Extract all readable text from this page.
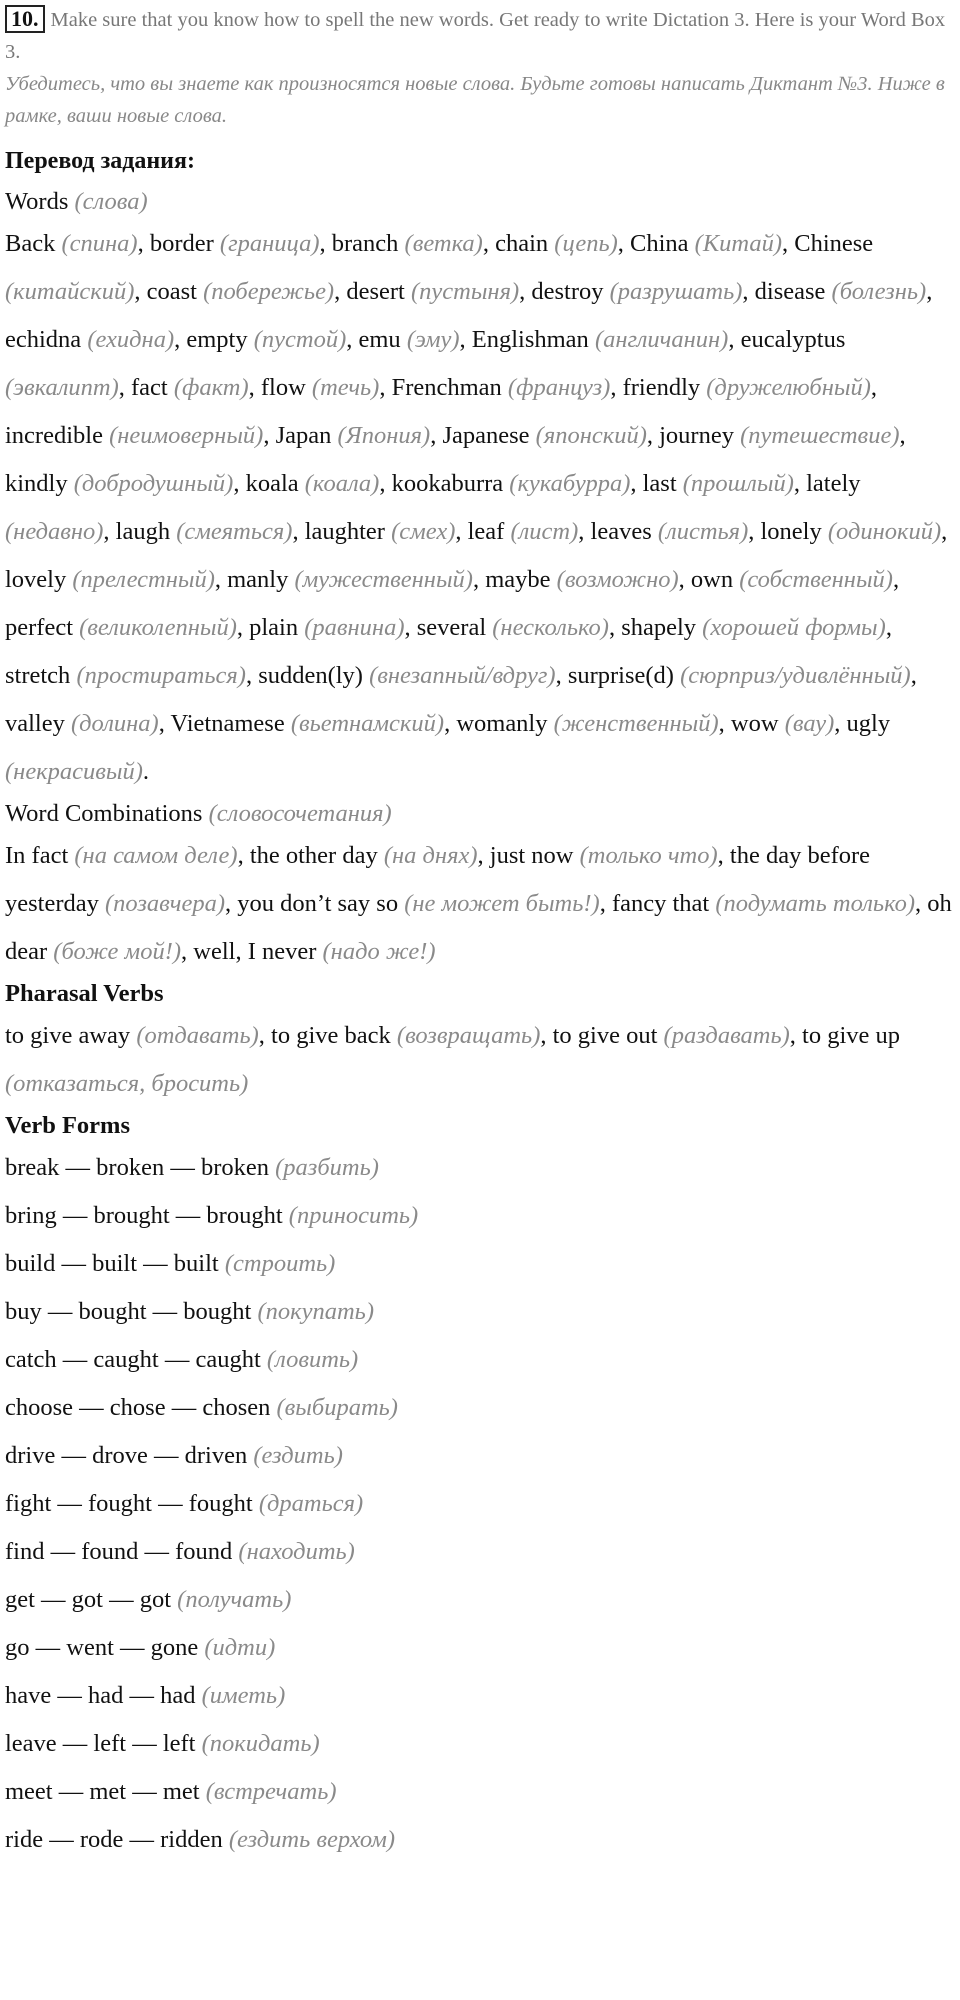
10. Make sure that you know how to spell the new words. Get ready to write Dictation 3. Here is your Word Box 3.
Убедитесь, что вы знаете как произносятся новые слова. Будьте готовы написать Диктант №3. Ниже в рамке, ваши новые слова.
Перевод задания:
Words (слова)
Back (спина), border (граница), branch (ветка), chain (цепь), China (Китай), Chinese (китайский), coast (побережье), desert (пустыня), destroy (разрушать), disease (болезнь), echidna (ехидна), empty (пустой), emu (эму), Englishman (англичанин), eucalyptus (эвкалипт), fact (факт), flow (течь), Frenchman (француз), friendly (дружелюбный), incredible (неимоверный), Japan (Япония), Japanese (японский), journey (путешествие), kindly (добродушный), koala (коала), kookaburra (кукабурра), last (прошлый), lately (недавно), laugh (смеяться), laughter (смех), leaf (лист), leaves (листья), lonely (одинокий), lovely (прелестный), manly (мужественный), maybe (возможно), own (собственный), perfect (великолепный), plain (равнина), several (несколько), shapely (хорошей формы), stretch (простираться), sudden(ly) (внезапный/вдруг), surprise(d) (сюрприз/удивлённый), valley (долина), Vietnamese (вьетнамский), womanly (женственный), wow (вау), ugly (некрасивый).
Word Combinations (словосочетания)
In fact (на самом деле), the other day (на днях), just now (только что), the day before yesterday (позавчера), you don’t say so (не может быть!), fancy that (подумать только), oh dear (боже мой!), well, I never (надо же!)
Pharasal Verbs
to give away (отдавать), to give back (возвращать), to give out (раздавать), to give up (отказаться, бросить)
Verb Forms
break — broken — broken (разбить)
bring — brought — brought (приносить)
build — built — built (строить)
buy — bought — bought (покупать)
catch — caught — caught (ловить)
choose — chose — chosen (выбирать)
drive — drove — driven (ездить)
fight — fought — fought (драться)
find — found — found (находить)
get — got — got (получать)
go — went — gone (идти)
have — had — had (иметь)
leave — left — left (покидать)
meet — met — met (встречать)
ride — rode — ridden (ездить верхом)
